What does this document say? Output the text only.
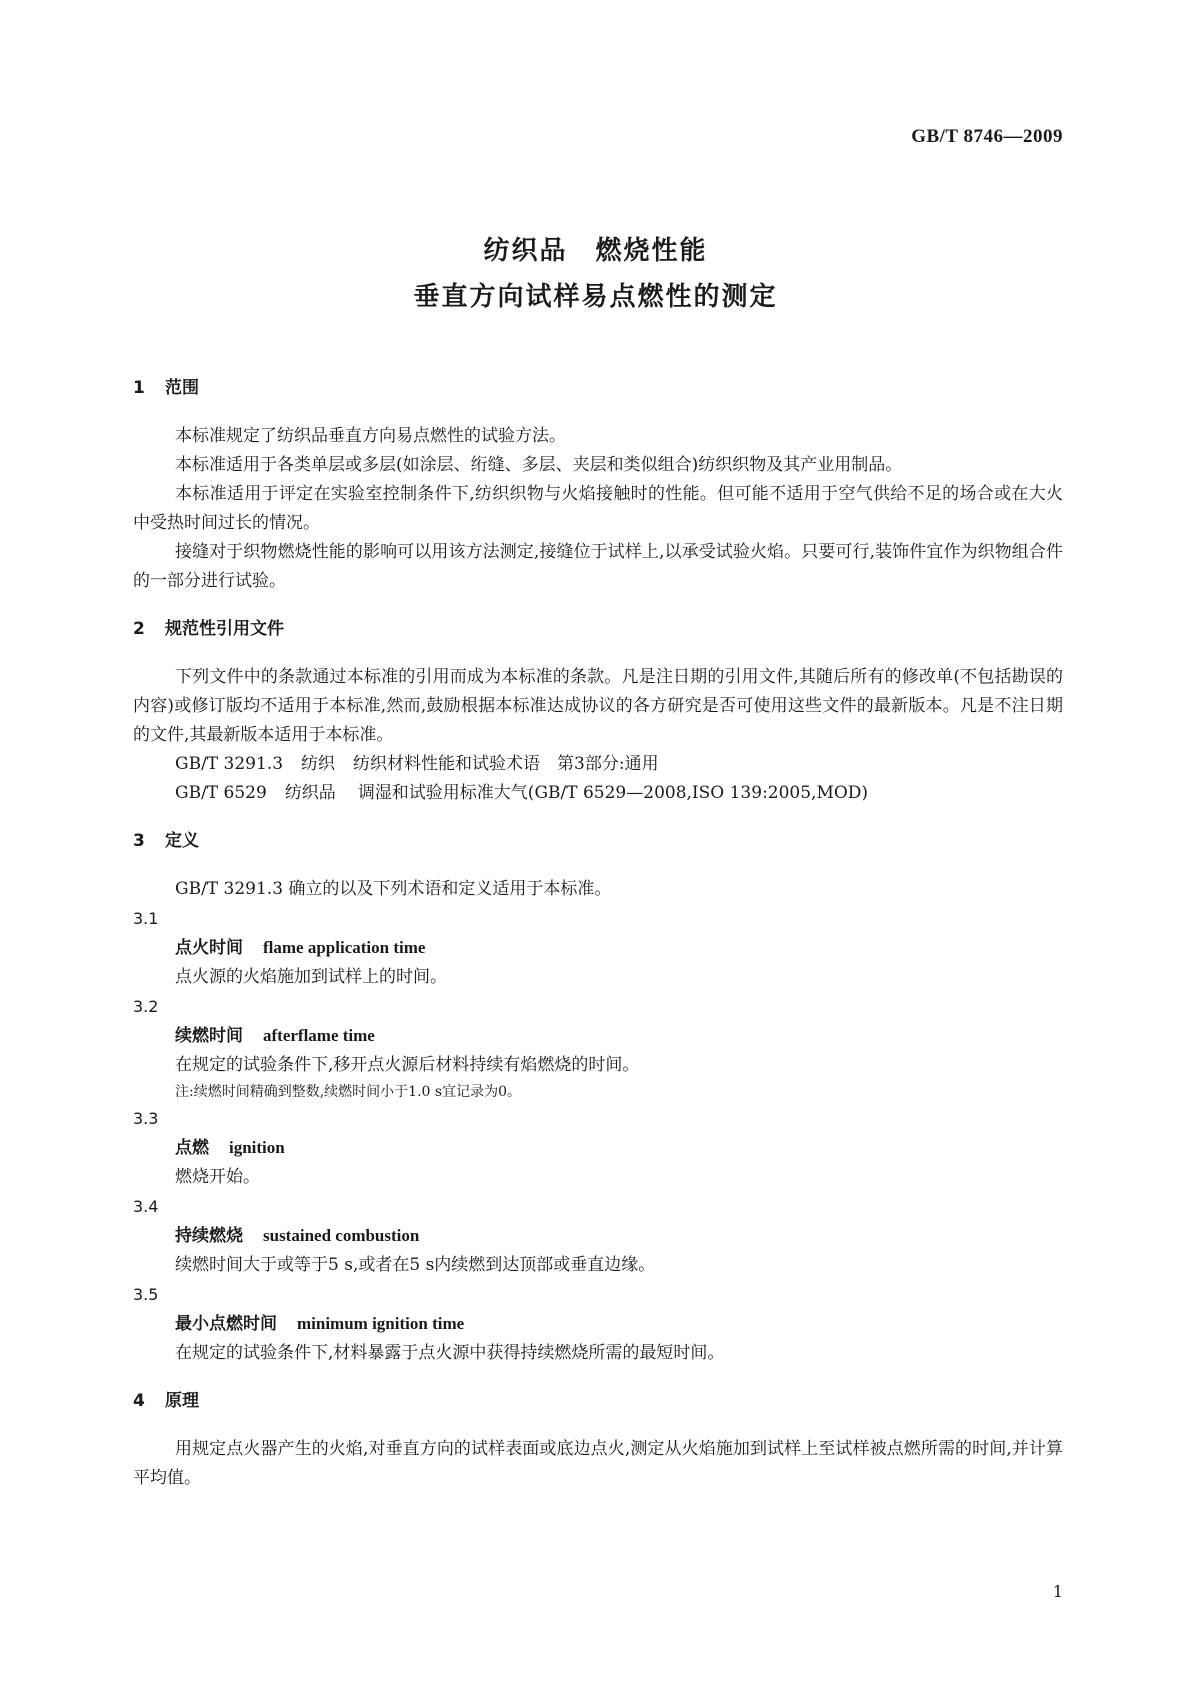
GB/T 8746—2009
纺织品　燃烧性能
垂直方向试样易点燃性的测定
1 范围

本标准规定了纺织品垂直方向易点燃性的试验方法。

本标准适用于各类单层或多层(如涂层、绗缝、多层、夹层和类似组合)纺织织物及其产业用制品。

本标准适用于评定在实验室控制条件下,纺织织物与火焰接触时的性能。但可能不适用于空气供给不足的场合或在大火中受热时间过长的情况。

接缝对于织物燃烧性能的影响可以用该方法测定,接缝位于试样上,以承受试验火焰。只要可行,装饰件宜作为织物组合件的一部分进行试验。

2 规范性引用文件

下列文件中的条款通过本标准的引用而成为本标准的条款。凡是注日期的引用文件,其随后所有的修改单(不包括勘误的内容)或修订版均不适用于本标准,然而,鼓励根据本标准达成协议的各方研究是否可使用这些文件的最新版本。凡是不注日期的文件,其最新版本适用于本标准。

GB/T 3291.3 纺织 纺织材料性能和试验术语　第3部分:通用

GB/T 6529 纺织品 调湿和试验用标准大气(GB/T 6529—2008,ISO 139:2005,MOD)

3 定义

GB/T 3291.3 确立的以及下列术语和定义适用于本标准。

3.1
点火时间 flame application time
点火源的火焰施加到试样上的时间。
3.2
续燃时间 afterflame time
在规定的试验条件下,移开点火源后材料持续有焰燃烧的时间。
注:续燃时间精确到整数,续燃时间小于1.0 s宜记录为0。
3.3
点燃 ignition
燃烧开始。
3.4
持续燃烧 sustained combustion
续燃时间大于或等于5 s,或者在5 s内续燃到达顶部或垂直边缘。
3.5
最小点燃时间 minimum ignition time
在规定的试验条件下,材料暴露于点火源中获得持续燃烧所需的最短时间。
4 原理

用规定点火器产生的火焰,对垂直方向的试样表面或底边点火,测定从火焰施加到试样上至试样被点燃所需的时间,并计算平均值。

1
